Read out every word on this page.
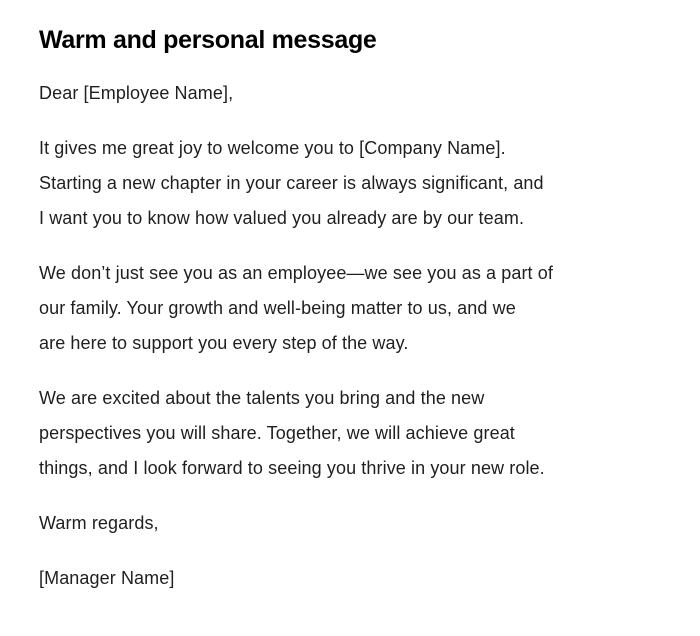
Warm and personal message

Dear [Employee Name],

It gives me great joy to welcome you to [Company Name].
Starting a new chapter in your career is always significant, and
I want you to know how valued you already are by our team.

We don’t just see you as an employee—we see you as a part of
our family. Your growth and well-being matter to us, and we
are here to support you every step of the way.

We are excited about the talents you bring and the new
perspectives you will share. Together, we will achieve great
things, and I look forward to seeing you thrive in your new role.

Warm regards,

[Manager Name]
